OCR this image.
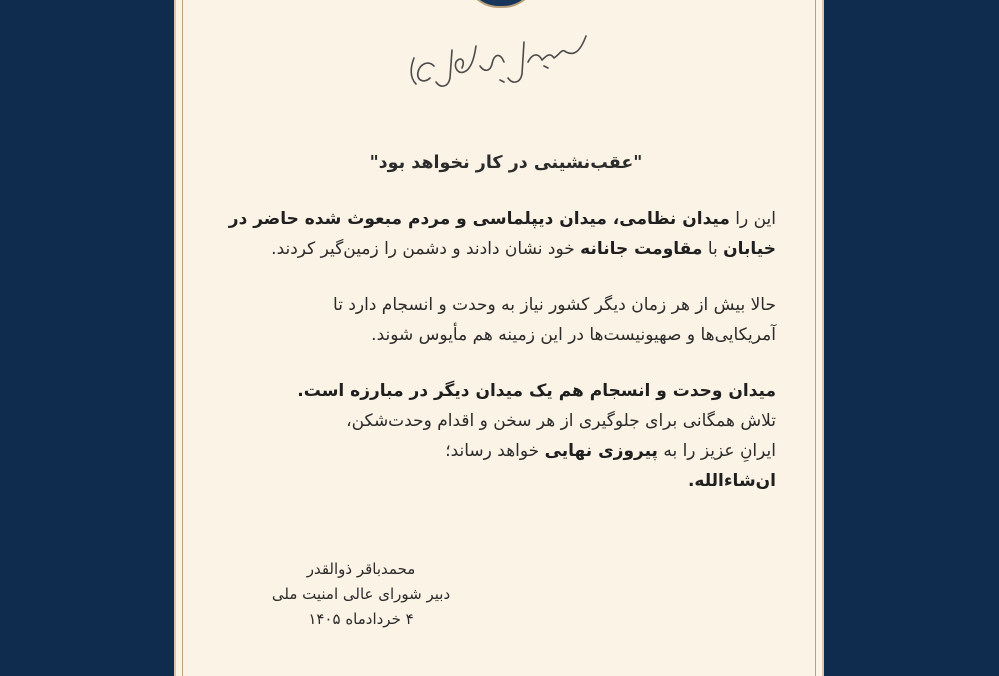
"عقب‌نشینی در کار نخواهد بود"
این را میدان نظامی، میدان دیپلماسی و مردم مبعوث شده حاضر در
خیابان با مقاومت جانانه خود نشان دادند و دشمن را زمین‌گیر کردند.
حالا بیش از هر زمان دیگر کشور نیاز به وحدت و انسجام دارد تا
آمریکایی‌ها و صهیونیست‌ها در این زمینه هم مأیوس شوند.
میدان وحدت و انسجام هم یک میدان دیگر در مبارزه است.
تلاش همگانی برای جلوگیری از هر سخن و اقدام وحدت‌شکن،
ایرانِ عزیز را به پیروزی نهایی خواهد رساند؛
ان‌شاءالله.
محمدباقر ذوالقدر
دبیر شورای عالی امنیت ملی
۴ خردادماه ۱۴۰۵
